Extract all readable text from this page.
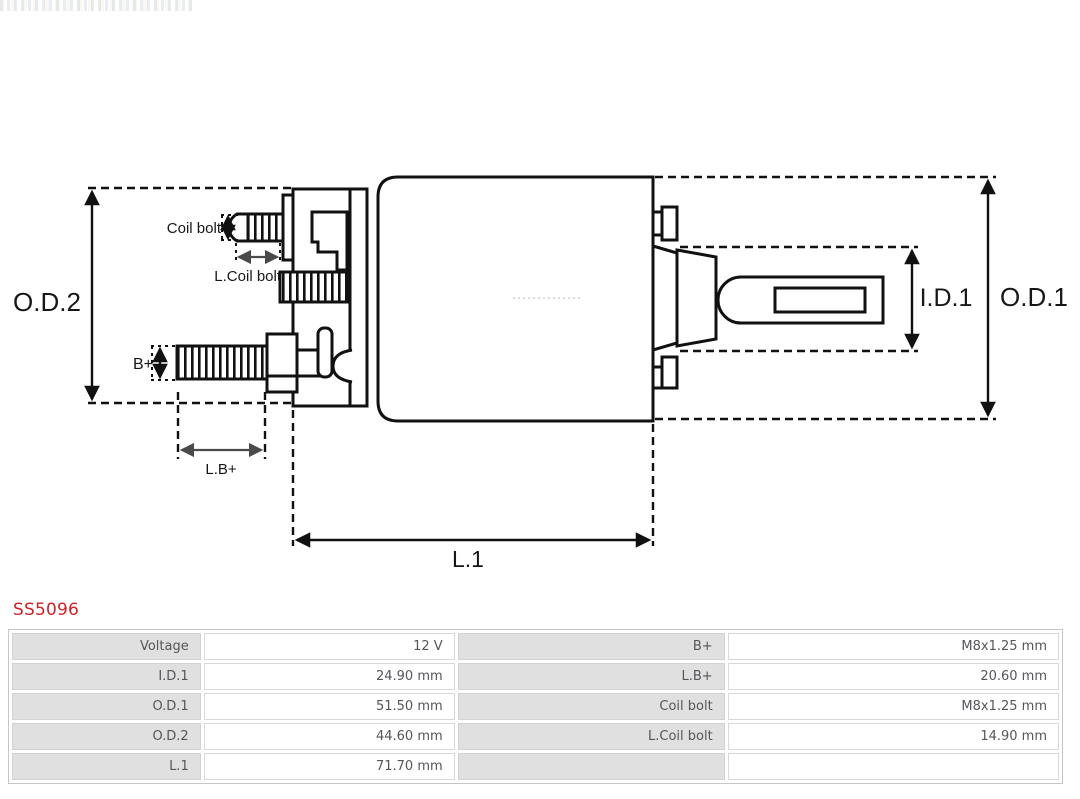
O.D.2	O.D.1
I.D.1
L.1
Coil bolt
L.Coil bolt
B+
L.B+
SS5096
Voltage	12 V	B+	M8x1.25 mm
I.D.1	24.90 mm	L.B+	20.60 mm
O.D.1	51.50 mm	Coil bolt	M8x1.25 mm
O.D.2	44.60 mm	L.Coil bolt	14.90 mm
L.1	71.70 mm		
